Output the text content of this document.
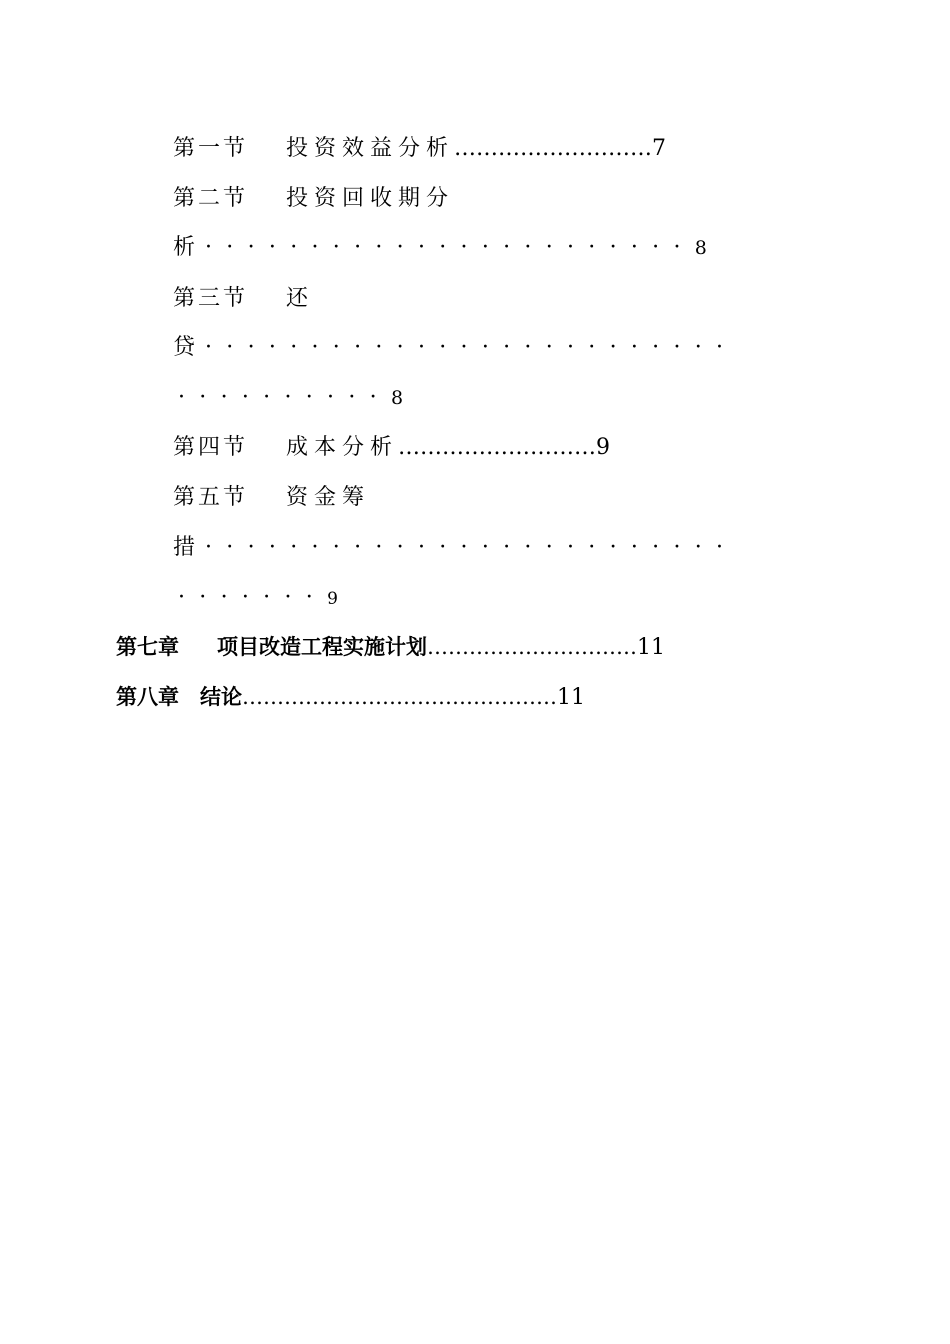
第一节 投资效益分析………………………7
第二节 投资回收期分
析 ·······················8
第三节 还
贷 ·························
··········8
第四节 成本分析………………………9
第五节 资金筹
措 ·························
·······9
第七章 项目改造工程实施计划…………………………11
第八章 结论………………………………………11
